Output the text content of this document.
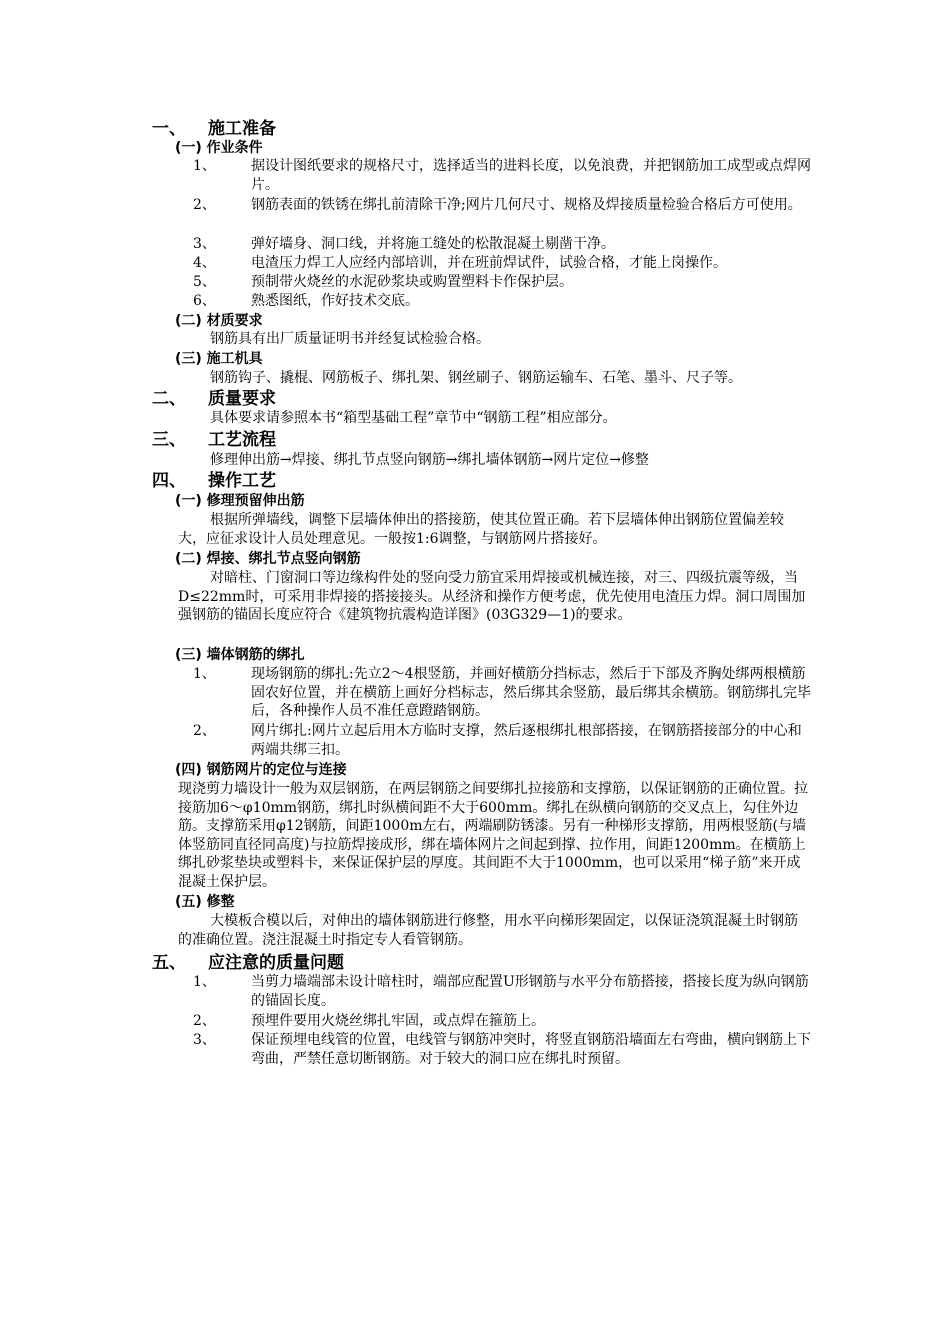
一、 施工准备
(一) 作业条件
1、	据设计图纸要求的规格尺寸，选择适当的进料长度，以免浪费，并把钢筋加工成型或点焊网片。
2、	钢筋表面的铁锈在绑扎前清除干净;网片几何尺寸、规格及焊接质量检验合格后方可使用。
3、	弹好墙身、洞口线，并将施工缝处的松散混凝土剔凿干净。
4、	电渣压力焊工人应经内部培训，并在班前焊试件，试验合格，才能上岗操作。
5、	预制带火烧丝的水泥砂浆块或购置塑料卡作保护层。
6、	熟悉图纸，作好技术交底。
(二) 材质要求
钢筋具有出厂质量证明书并经复试检验合格。
(三) 施工机具
钢筋钩子、撬棍、网筋板子、绑扎架、钢丝刷子、钢筋运输车、石笔、墨斗、尺子等。
二、 质量要求
具体要求请参照本书“箱型基础工程”章节中“钢筋工程”相应部分。
三、 工艺流程
修理伸出筋→焊接、绑扎节点竖向钢筋→绑扎墙体钢筋→网片定位→修整
四、 操作工艺
(一) 修理预留伸出筋
根据所弹墙线，调整下层墙体伸出的搭接筋，使其位置正确。若下层墙体伸出钢筋位置偏差较大，应征求设计人员处理意见。一般按1:6调整，与钢筋网片搭接好。
(二) 焊接、绑扎节点竖向钢筋
对暗柱、门窗洞口等边缘构件处的竖向受力筋宜采用焊接或机械连接，对三、四级抗震等级，当D≤22mm时，可采用非焊接的搭接接头。从经济和操作方便考虑，优先使用电渣压力焊。洞口周围加强钢筋的锚固长度应符合《建筑物抗震构造详图》(03G329—1)的要求。
(三) 墙体钢筋的绑扎
1、	现场钢筋的绑扎:先立2～4根竖筋，并画好横筋分挡标志，然后于下部及齐胸处绑两根横筋固农好位置，并在横筋上画好分档标志，然后绑其余竖筋，最后绑其余横筋。钢筋绑扎完毕后，各种操作人员不准任意蹬踏钢筋。
2、	网片绑扎:网片立起后用木方临时支撑，然后逐根绑扎根部搭接，在钢筋搭接部分的中心和两端共绑三扣。
(四) 钢筋网片的定位与连接
现浇剪力墙设计一般为双层钢筋，在两层钢筋之间要绑扎拉接筋和支撑筋，以保证钢筋的正确位置。拉接筋加6～φ10mm钢筋，绑扎时纵横间距不大于600mm。绑扎在纵横向钢筋的交叉点上，勾住外边筋。支撑筋采用φ12钢筋，间距1000m左右，两端刷防锈漆。另有一种梯形支撑筋，用两根竖筋(与墙体竖筋同直径同高度)与拉筋焊接成形，绑在墙体网片之间起到撑、拉作用，间距1200mm。在横筋上绑扎砂浆垫块或塑料卡，来保证保护层的厚度。其间距不大于1000mm，也可以采用“梯子筋”来开成混凝土保护层。
(五) 修整
大模板合模以后，对伸出的墙体钢筋进行修整，用水平向梯形架固定，以保证浇筑混凝土时钢筋的准确位置。浇注混凝土时指定专人看管钢筋。
五、 应注意的质量问题
1、	当剪力墙端部未设计暗柱时，端部应配置U形钢筋与水平分布筋搭接，搭接长度为纵向钢筋的锚固长度。
2、	预埋件要用火烧丝绑扎牢固，或点焊在箍筋上。
3、	保证预埋电线管的位置，电线管与钢筋冲突时，将竖直钢筋沿墙面左右弯曲，横向钢筋上下弯曲，严禁任意切断钢筋。对于较大的洞口应在绑扎时预留。
